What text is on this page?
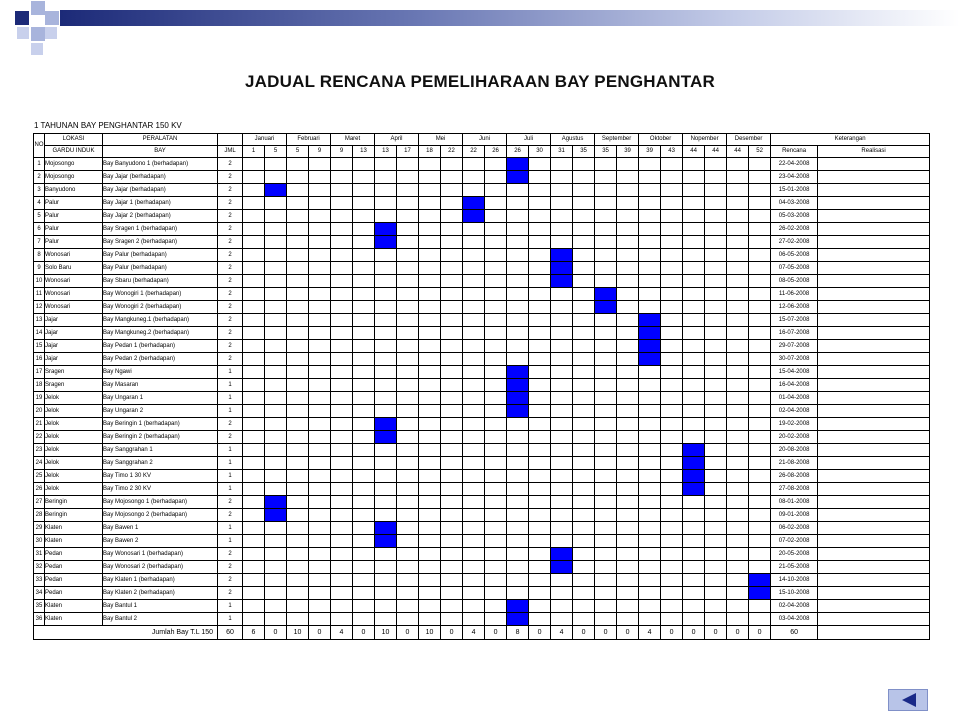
JADUAL RENCANA PEMELIHARAAN BAY PENGHANTAR
1 TAHUNAN BAY PENGHANTAR 150 KV
NO	LOKASI	PERALATAN		Januari		Februari		Maret		April		Mei		Juni		Juli		Agustus		September		Oktober		Nopember		Desember		Keterangan	
	GARDU INDUK	BAY	JML	1	5	5	9	9	13	13	17	18	22	22	26	26	30	31	35	35	39	39	43	44	44	44	52	Rencana	Realisasi
1	Mojosongo	Bay Banyudono 1 (berhadapan)	2																									22-04-2008	
2	Mojosongo	Bay Jajar (berhadapan)	2																									23-04-2008	
3	Banyudono	Bay Jajar (berhadapan)	2																									15-01-2008	
4	Palur	Bay Jajar 1 (berhadapan)	2																									04-03-2008	
5	Palur	Bay Jajar 2 (berhadapan)	2																									05-03-2008	
6	Palur	Bay Sragen 1 (berhadapan)	2																									26-02-2008	
7	Palur	Bay Sragen 2 (berhadapan)	2																									27-02-2008	
8	Wonosari	Bay Palur (berhadapan)	2																									06-05-2008	
9	Solo Baru	Bay Palur (berhadapan)	2																									07-05-2008	
10	Wonosari	Bay Sbaru (berhadapan)	2																									08-05-2008	
11	Wonosari	Bay Wonogiri 1 (berhadapan)	2																									11-06-2008	
12	Wonosari	Bay Wonogiri 2 (berhadapan)	2																									12-06-2008	
13	Jajar	Bay Mangkuneg.1 (berhadapan)	2																									15-07-2008	
14	Jajar	Bay Mangkuneg.2 (berhadapan)	2																									16-07-2008	
15	Jajar	Bay Pedan 1 (berhadapan)	2																									29-07-2008	
16	Jajar	Bay Pedan 2 (berhadapan)	2																									30-07-2008	
17	Sragen	Bay Ngawi	1																									15-04-2008	
18	Sragen	Bay Masaran	1																									16-04-2008	
19	Jelok	Bay Ungaran 1	1																									01-04-2008	
20	Jelok	Bay Ungaran 2	1																									02-04-2008	
21	Jelok	Bay Beringin 1 (berhadapan)	2																									19-02-2008	
22	Jelok	Bay Beringin 2 (berhadapan)	2																									20-02-2008	
23	Jelok	Bay Sanggrahan 1	1																									20-08-2008	
24	Jelok	Bay Sanggrahan 2	1																									21-08-2008	
25	Jelok	Bay Timo 1 30 KV	1																									26-08-2008	
26	Jelok	Bay Timo 2 30 KV	1																									27-08-2008	
27	Beringin	Bay Mojosongo 1 (berhadapan)	2																									08-01-2008	
28	Beringin	Bay Mojosongo 2 (berhadapan)	2																									09-01-2008	
29	Klaten	Bay Bawen 1	1																									06-02-2008	
30	Klaten	Bay Bawen 2	1																									07-02-2008	
31	Pedan	Bay Wonosari 1 (berhadapan)	2																									20-05-2008	
32	Pedan	Bay Wonosari 2 (berhadapan)	2																									21-05-2008	
33	Pedan	Bay Klaten 1 (berhadapan)	2																									14-10-2008	
34	Pedan	Bay Klaten 2 (berhadapan)	2																									15-10-2008	
35	Klaten	Bay Bantul 1	1																									02-04-2008	
36	Klaten	Bay Bantul 2	1																									03-04-2008	
Jumlah Bay T.L 150			60	6	0	10	0	4	0	10	0	10	0	4	0	8	0	4	0	0	0	4	0	0	0	0	0	60	
